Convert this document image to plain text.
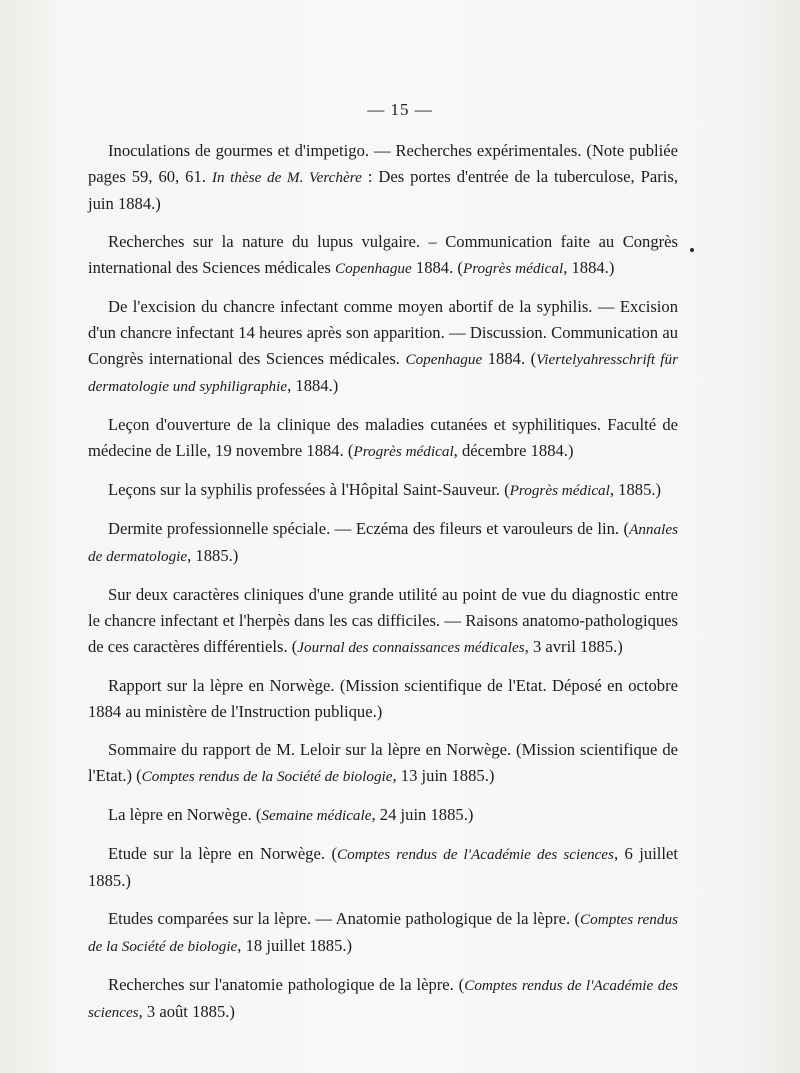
— 15 —

Inoculations de gourmes et d'impetigo. — Recherches expérimentales. (Note publiée pages 59, 60, 61. In thèse de M. Verchère : Des portes d'entrée de la tuberculose, Paris, juin 1884.)

Recherches sur la nature du lupus vulgaire. – Communication faite au Congrès international des Sciences médicales Copenhague 1884. (Progrès médical, 1884.)

De l'excision du chancre infectant comme moyen abortif de la syphilis. — Excision d'un chancre infectant 14 heures après son apparition. — Discussion. Communication au Congrès international des Sciences médicales. Copenhague 1884. (Viertelyahresschrift für dermatologie und syphiligraphie, 1884.)

Leçon d'ouverture de la clinique des maladies cutanées et syphilitiques. Faculté de médecine de Lille, 19 novembre 1884. (Progrès médical, décembre 1884.)

Leçons sur la syphilis professées à l'Hôpital Saint-Sauveur. (Progrès médical, 1885.)

Dermite professionnelle spéciale. — Eczéma des fileurs et varouleurs de lin. (Annales de dermatologie, 1885.)

Sur deux caractères cliniques d'une grande utilité au point de vue du diagnostic entre le chancre infectant et l'herpès dans les cas difficiles. — Raisons anatomo-pathologiques de ces caractères différentiels. (Journal des connaissances médicales, 3 avril 1885.)

Rapport sur la lèpre en Norwège. (Mission scientifique de l'Etat. Déposé en octobre 1884 au ministère de l'Instruction publique.)

Sommaire du rapport de M. Leloir sur la lèpre en Norwège. (Mission scientifique de l'Etat.) (Comptes rendus de la Société de biologie, 13 juin 1885.)

La lèpre en Norwège. (Semaine médicale, 24 juin 1885.)

Etude sur la lèpre en Norwège. (Comptes rendus de l'Académie des sciences, 6 juillet 1885.)

Etudes comparées sur la lèpre. — Anatomie pathologique de la lèpre. (Comptes rendus de la Société de biologie, 18 juillet 1885.)

Recherches sur l'anatomie pathologique de la lèpre. (Comptes rendus de l'Académie des sciences, 3 août 1885.)
